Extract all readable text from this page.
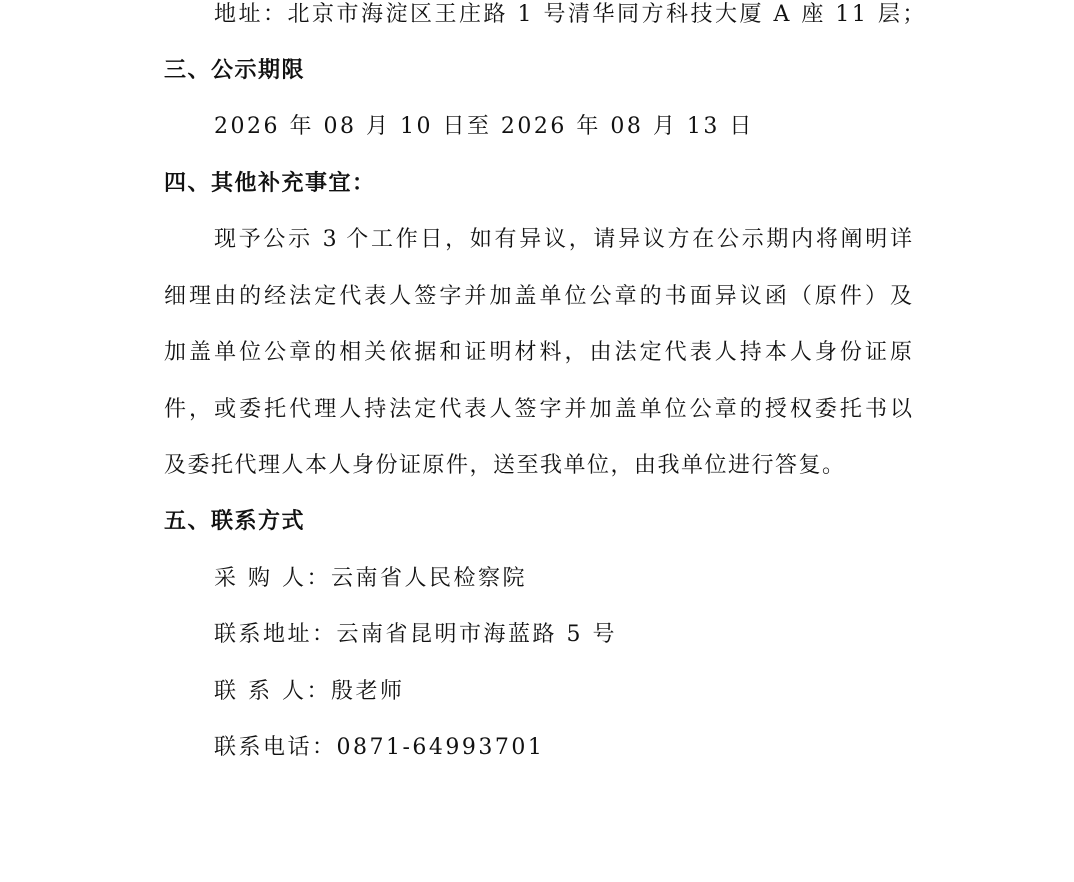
地址：北京市海淀区王庄路 1 号清华同方科技大厦 A 座 11 层；
三、公示期限
2026 年 08 月 10 日至 2026 年 08 月 13 日
四、其他补充事宜：
现予公示 3 个工作日，如有异议，请异议方在公示期内将阐明详
细理由的经法定代表人签字并加盖单位公章的书面异议函（原件）及
加盖单位公章的相关依据和证明材料，由法定代表人持本人身份证原
件，或委托代理人持法定代表人签字并加盖单位公章的授权委托书以
及委托代理人本人身份证原件，送至我单位，由我单位进行答复。
五、联系方式
采 购 人：云南省人民检察院
联系地址：云南省昆明市海蓝路 5 号
联 系 人：殷老师
联系电话：0871-64993701
